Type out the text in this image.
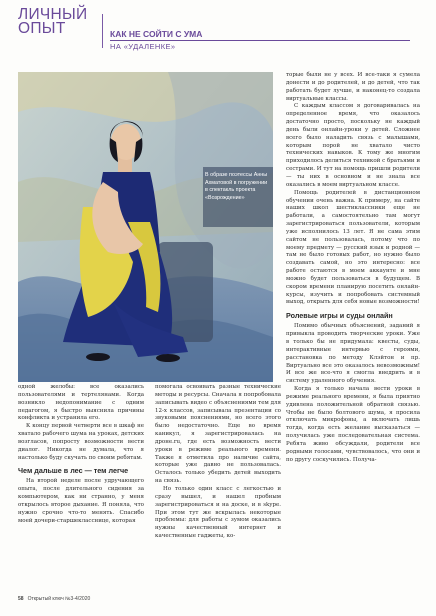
ЛИЧНЫЙ
ОПЫТ	КАК НЕ СОЙТИ С УМА
НА «УДАЛЕНКЕ»
В образе поэтессы Анны Ахматовой в погружении в спектакль проекта «Возрождение»

торые были не у всех. И все-таки я сумела донести и до родителей, и до детей, что так работать будет лучше, и наконец-то создала виртуальные классы.

С каждым классом я договаривалась на определенное время, что оказалось достаточно просто, поскольку не каждый день были онлайн-уроки у детей. Сложнее всего было наладить связь с малышами, которым порой не хватало чисто технических навыков. К тому же многим приходилось делиться техникой с братьями и сестрами. И тут на помощь пришли родители — ты них в основном и не знала все оказались в моем виртуальном классе.

Помощь родителей в дистанционном обучении очень важна. К примеру, на сайте наших школ шестиклассники еще не работали, а самостоятельно там могут зарегистрироваться пользователи, которым уже исполнилось 13 лет. Я не сама этим сайтом не пользовалась, потому что по моему предмету — русский язык и родной — там не было готовых работ, но нужно было создавать самой, но это интересно: все работе остаются в моем аккаунте и мне можно будет пользоваться в будущем. В скором времени планирую посетить онлайн-курсы, изучить и попробовать системный выход, открыть для себя новые возможности!

Ролевые игры и суды онлайн

Помимо обычных объяснений, заданий я привыкла проводить творческие уроки. Уже в только бы не придумала: квесты, суды, интерактивные интервью с героями, расстановка по методу Клэйтон и пр. Виртуально все это оказалось невозможным! И все же все-что я смогла внедрить и в систему удаленного обучения.

Когда я только начала вести уроки в режиме реального времени, я была приятно удивлена положительной обратной связью. Чтобы не было болтового шума, я просила отключать микрофоны, а включать лишь тогда, когда есть желание высказаться — получилась уже последовательная система. Ребята живо обсуждали, родители все родными голосами, чувствовалось, что они и по другу соскучились. Получа-

одной желобы: все оказались пользователями и тертелянами. Когда возникло недопонимание с одним педагогом, я быстро выяснила причины конфликта и устранила его.

К концу первой четверти все в шкаф не хватало рабочего шума на уроках, детских возгласов, попросту возможности вести диалог. Никогда не думала, что я настолько буду скучать по своим ребятам.

Чем дальше в лес — тем легче

На второй неделе после удручающего опыта, после длительного сидения за компьютером, как ни странно, у меня открылось второе дыхание. Я поняла, что нужно срочно что-то менять. Спасибо моей дочери-старшекласснице, которая

помогала освоивать разные технические методы и ресурсы. Сначала я попробовала записывать видео с объяснениями тем для 12-х классов, записывала презентации со звуковыми пояснениями, но всего этого было недостаточно. Еще во время каникул, я зарегистрировалась на дроне.ru, где есть возможность вести уроки в режиме реального времени. Также я отметила про наличие сайта, которые уже давно не пользовалась. Осталось только убедить детей выходить на связь.

Но только один класс с легкостью и сразу вышел, и нашел пробным зарегистрироваться и на доске, и в skype. При этом тут же вскрылась некоторые проблемы: для работы с зумом оказались нужны качественный интернет и качественные гаджеты, ко-

58 Открытый ключ №3-4/2020
